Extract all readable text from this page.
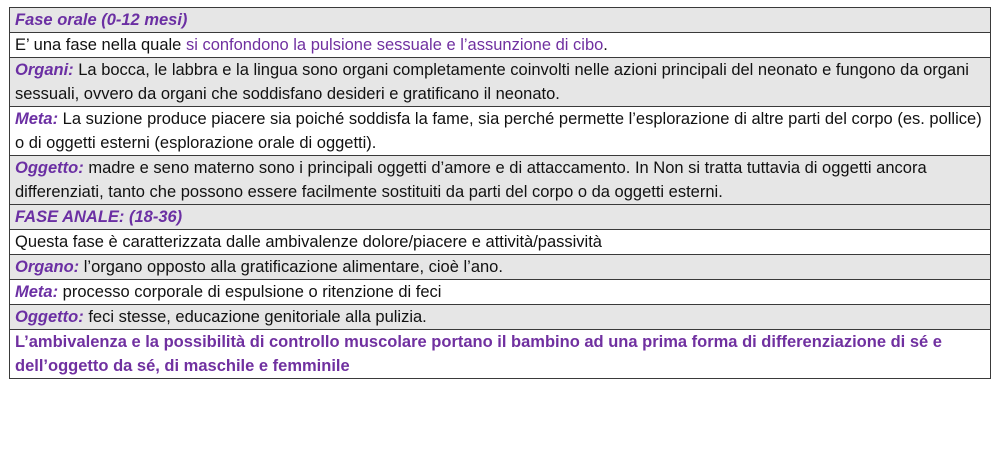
Fase orale (0-12 mesi)
E’ una fase nella quale si confondono la pulsione sessuale e l’assunzione di cibo.
Organi: La bocca, le labbra e la lingua sono organi completamente coinvolti nelle azioni principali del neonato e fungono da organi sessuali, ovvero da organi che soddisfano desideri e gratificano il neonato.
Meta: La suzione produce piacere sia poiché soddisfa la fame, sia perché permette l’esplorazione di altre parti del corpo (es. pollice) o di oggetti esterni (esplorazione orale di oggetti).
Oggetto: madre e seno materno sono i principali oggetti d’amore e di attaccamento. In Non si tratta tuttavia di oggetti ancora differenziati, tanto che possono essere facilmente sostituiti da parti del corpo o da oggetti esterni.
FASE ANALE: (18-36)
Questa fase è caratterizzata dalle ambivalenze dolore/piacere e attività/passività
Organo: l’organo opposto alla gratificazione alimentare, cioè l’ano.
Meta: processo corporale di espulsione o ritenzione di feci
Oggetto: feci stesse, educazione genitoriale alla pulizia.
L’ambivalenza e la possibilità di controllo muscolare portano il bambino ad una prima forma di differenziazione di sé e dell’oggetto da sé, di maschile e femminile
